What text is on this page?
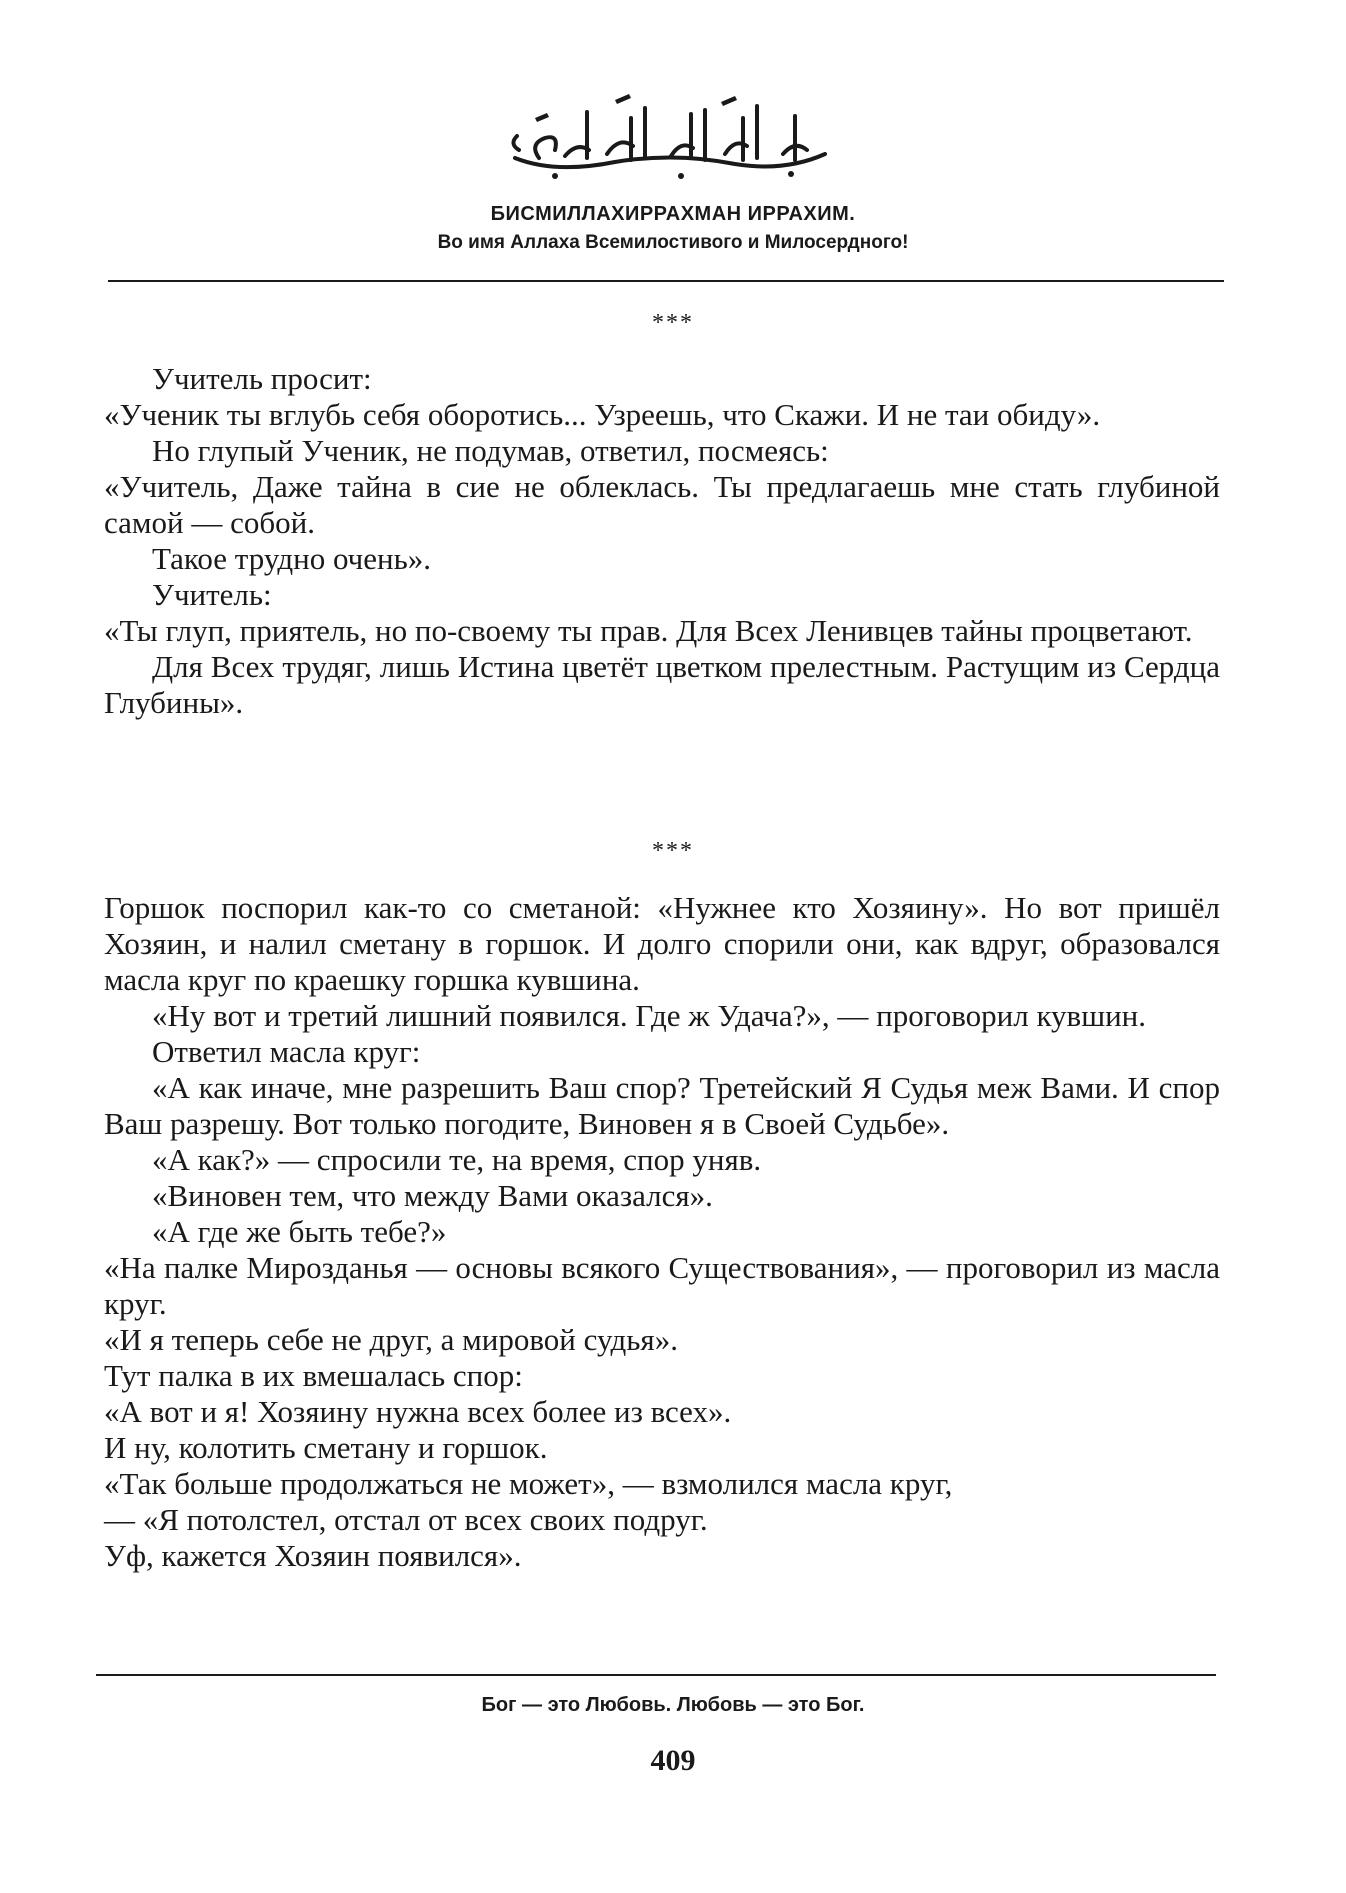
БИСМИЛЛАХИРРАХМАН ИРРАХИМ.
Во имя Аллаха Всемилостивого и Милосердного!
***

Учитель просит:

«Ученик ты вглубь себя оборотись... Узреешь, что Скажи. И не таи обиду».

Но глупый Ученик, не подумав, ответил, посмеясь:

«Учитель, Даже тайна в сие не облеклась. Ты предлагаешь мне стать глубиной самой — собой.

Такое трудно очень».

Учитель:

«Ты глуп, приятель, но по-своему ты прав. Для Всех Ленивцев тайны процветают.

Для Всех трудяг, лишь Истина цветёт цветком прелестным. Растущим из Сердца Глубины».

***

Горшок поспорил как-то со сметаной: «Нужнее кто Хозяину». Но вот пришёл Хозяин, и налил сметану в горшок. И долго спорили они, как вдруг, образовался масла круг по краешку горшка кувшина.

«Ну вот и третий лишний появился. Где ж Удача?», — проговорил кувшин.

Ответил масла круг:

«А как иначе, мне разрешить Ваш спор? Третейский Я Судья меж Вами. И спор Ваш разрешу. Вот только погодите, Виновен я в Своей Судьбе».

«А как?» — спросили те, на время, спор уняв.

«Виновен тем, что между Вами оказался».

«А где же быть тебе?»

«На палке Мирозданья — основы всякого Существования», — проговорил из масла круг.

«И я теперь себе не друг, а мировой судья».

Тут палка в их вмешалась спор:

«А вот и я! Хозяину нужна всех более из всех».

И ну, колотить сметану и горшок.

«Так больше продолжаться не может», — взмолился масла круг,

— «Я потолстел, отстал от всех своих подруг.

Уф, кажется Хозяин появился».

Бог — это Любовь. Любовь — это Бог.
409
